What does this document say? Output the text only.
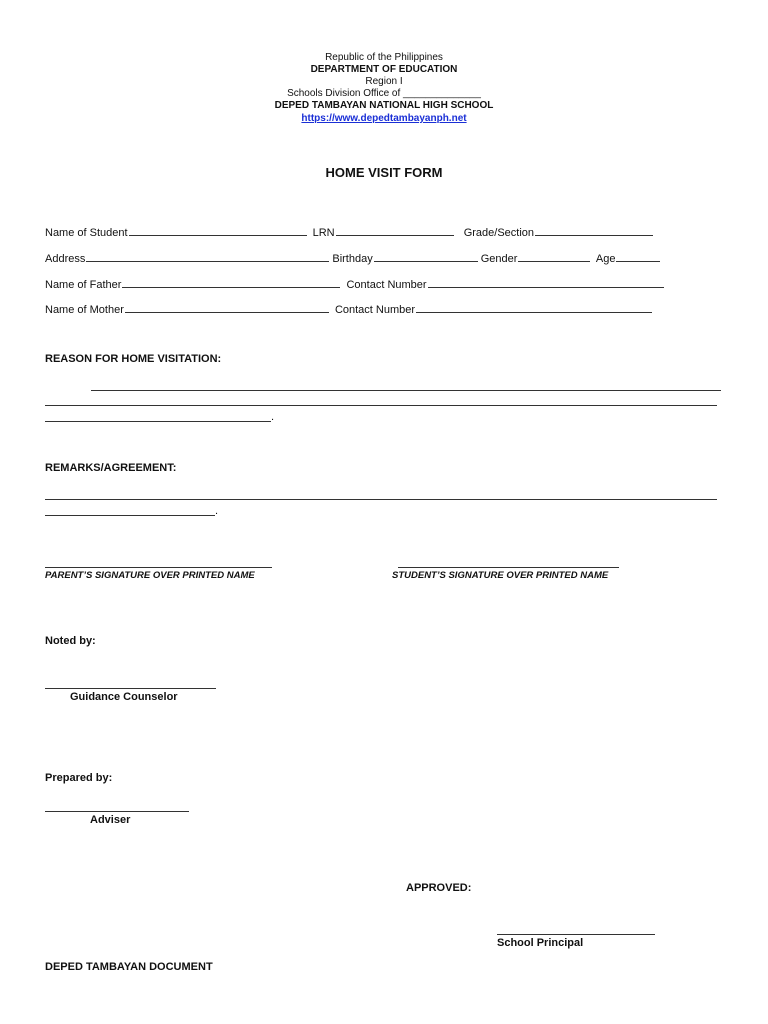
Republic of the Philippines
DEPARTMENT OF EDUCATION
Region I
Schools Division Office of ______________
DEPED TAMBAYAN NATIONAL HIGH SCHOOL
https://www.depedtambayanph.net
HOME VISIT FORM
Name of Student	LRN	Grade/Section
Address	Birthday	Gender	Age
Name of Father	Contact Number
Name of Mother	Contact Number
REASON FOR HOME VISITATION:
.
REMARKS/AGREEMENT:
.
PARENT’S SIGNATURE OVER PRINTED NAME	STUDENT’S SIGNATURE OVER PRINTED NAME
Noted by:
Guidance Counselor
Prepared by:
Adviser
APPROVED:
School Principal
DEPED TAMBAYAN DOCUMENT
